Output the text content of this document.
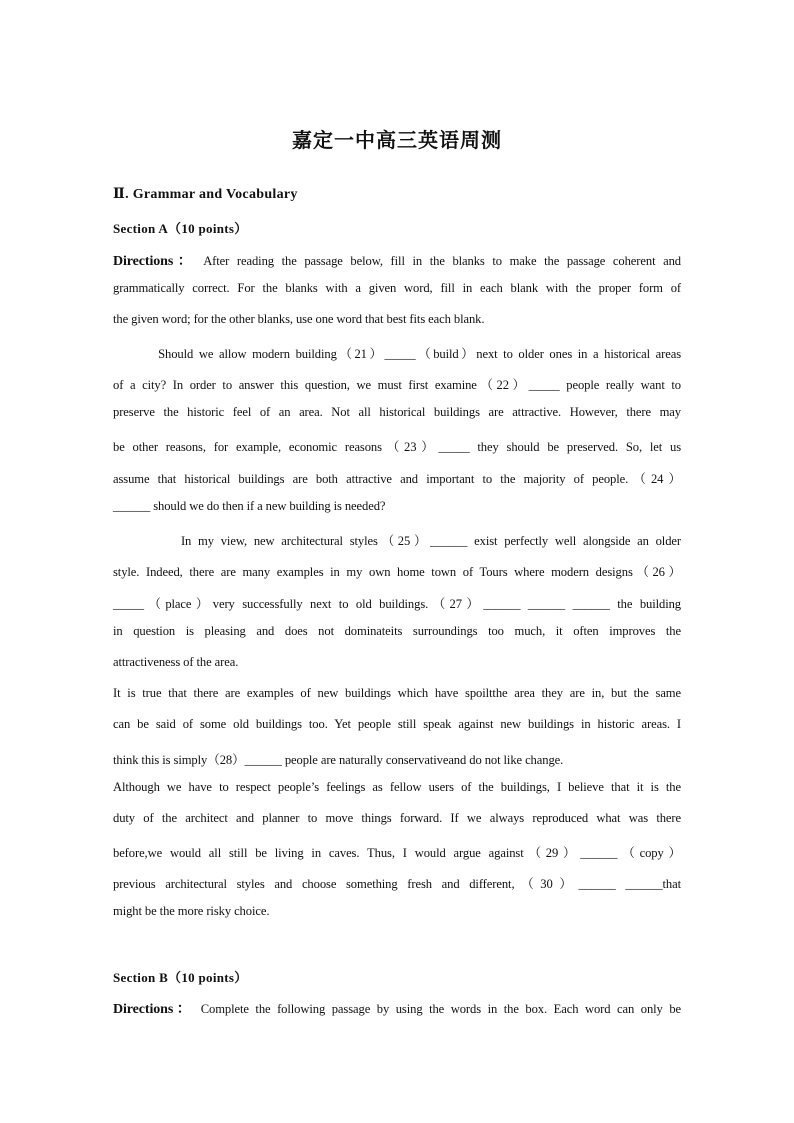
嘉定一中高三英语周测
Ⅱ. Grammar and Vocabulary
Section A（10 points）
Directions： After reading the passage below, fill in the blanks to make the passage coherent and
grammatically correct. For the blanks with a given word, fill in each blank with the proper form of
the given word; for the other blanks, use one word that best fits each blank.
Should we allow modern building（21）_____（build）next to older ones in a historical areas
of a city? In order to answer this question, we must first examine（22）_____ people really want to
preserve the historic feel of an area. Not all historical buildings are attractive. However, there may
be other reasons, for example, economic reasons（23）_____ they should be preserved. So, let us
assume that historical buildings are both attractive and important to the majority of people.（24）
______ should we do then if a new building is needed?
In my view, new architectural styles（25）______ exist perfectly well alongside an older
style. Indeed, there are many examples in my own home town of Tours where modern designs（26）
_____（place）very successfully next to old buildings.（27）______ ______ ______ the building
in question is pleasing and does not dominateits surroundings too much, it often improves the
attractiveness of the area.
It is true that there are examples of new buildings which have spoiltthe area they are in, but the same
can be said of some old buildings too. Yet people still speak against new buildings in historic areas. I
think this is simply（28）______ people are naturally conservativeand do not like change.
Although we have to respect people’s feelings as fellow users of the buildings, I believe that it is the
duty of the architect and planner to move things forward. If we always reproduced what was there
before,we would all still be living in caves. Thus, I would argue against（29）______（copy）
previous architectural styles and choose something fresh and different,（30）______ ______that
might be the more risky choice.
Section B（10 points）
Directions： Complete the following passage by using the words in the box. Each word can only be
